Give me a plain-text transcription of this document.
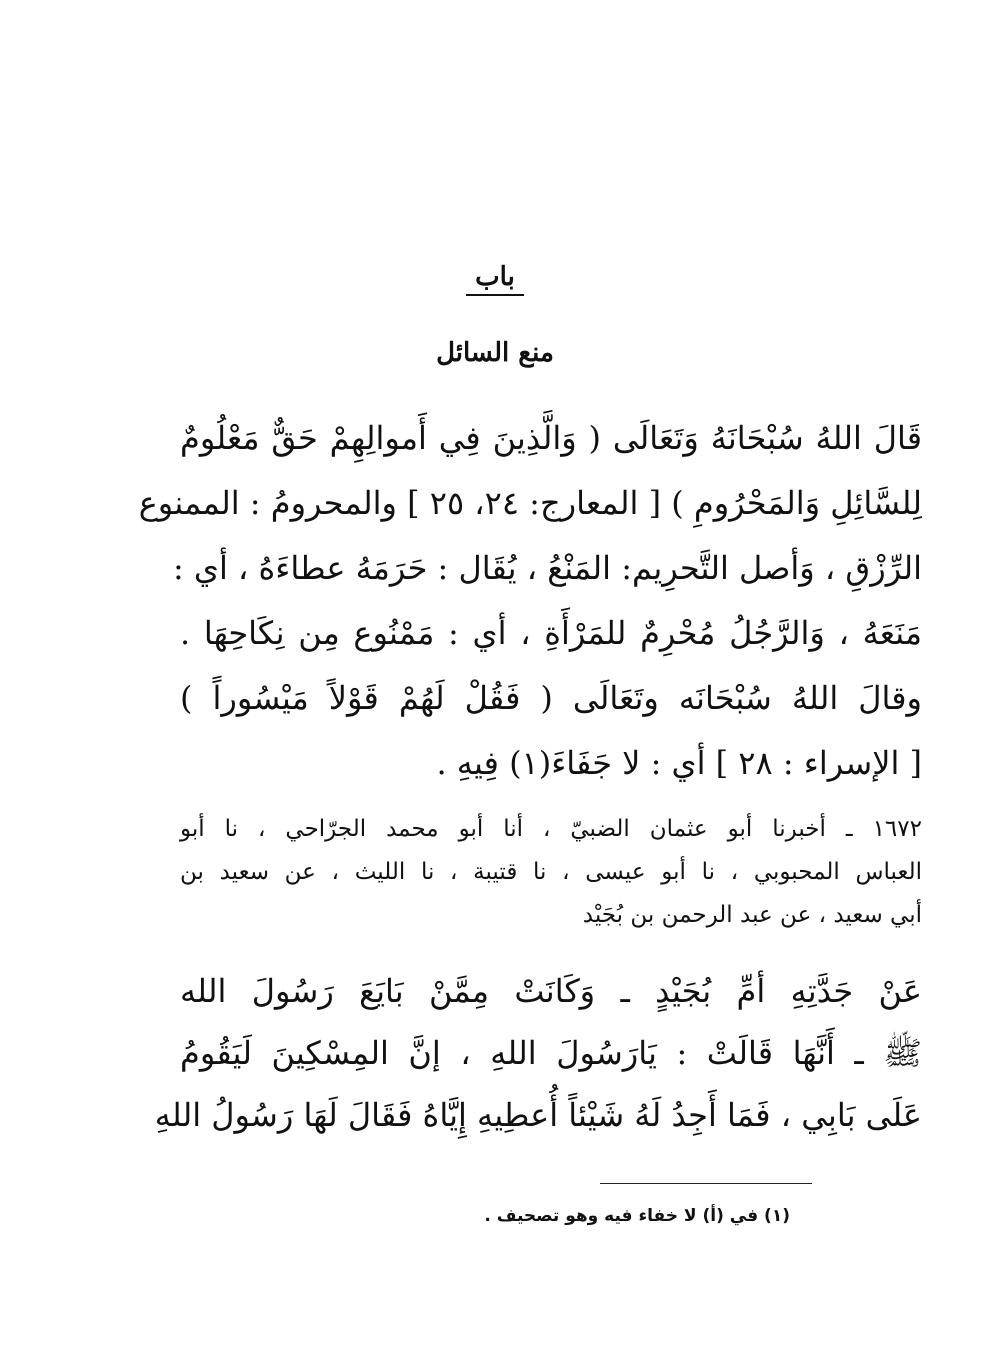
باب
منع السائل
قَالَ اللهُ سُبْحَانَهُ وَتَعَالَى ( وَالَّذِينَ فِي أَموالِهِمْ حَقٌّ مَعْلُومٌ
لِلسَّائِلِ وَالمَحْرُومِ ) [ المعارج: ٢٤، ٢٥ ] والمحرومُ : الممنوع
الرِّزْقِ ، وَأصل التَّحرِيم: المَنْعُ ، يُقَال : حَرَمَهُ عطاءَهُ ، أي :
مَنَعَهُ ، وَالرَّجُلُ مُحْرِمٌ للمَرْأَةِ ، أي : مَمْنُوع مِن نِكَاحِهَا .
وقالَ اللهُ سُبْحَانَه وتَعَالَى ( فَقُلْ لَهُمْ قَوْلاً مَيْسُوراً )
[ الإسراء : ٢٨ ] أي : لا جَفَاءَ(١) فِيهِ .
١٦٧٢ ـ أخبرنا أبو عثمان الضبيّ ، أنا أبو محمد الجرّاحي ، نا أبو
العباس المحبوبي ، نا أبو عيسى ، نا قتيبة ، نا الليث ، عن سعيد بن
أبي سعيد ، عن عبد الرحمن بن بُجَيْد
عَنْ جَدَّتِهِ أمِّ بُجَيْدٍ ـ وَكَانَتْ مِمَّنْ بَايَعَ رَسُولَ الله
ﷺ ـ أَنَّهَا قَالَتْ : يَارَسُولَ اللهِ ، إنَّ المِسْكِينَ لَيَقُومُ
عَلَى بَابِي ، فَمَا أَجِدُ لَهُ شَيْئاً أُعطِيهِ إِيَّاهُ فَقَالَ لَهَا رَسُولُ اللهِ
(١) في (أ) لا خفاء فيه وهو تصحيف .
